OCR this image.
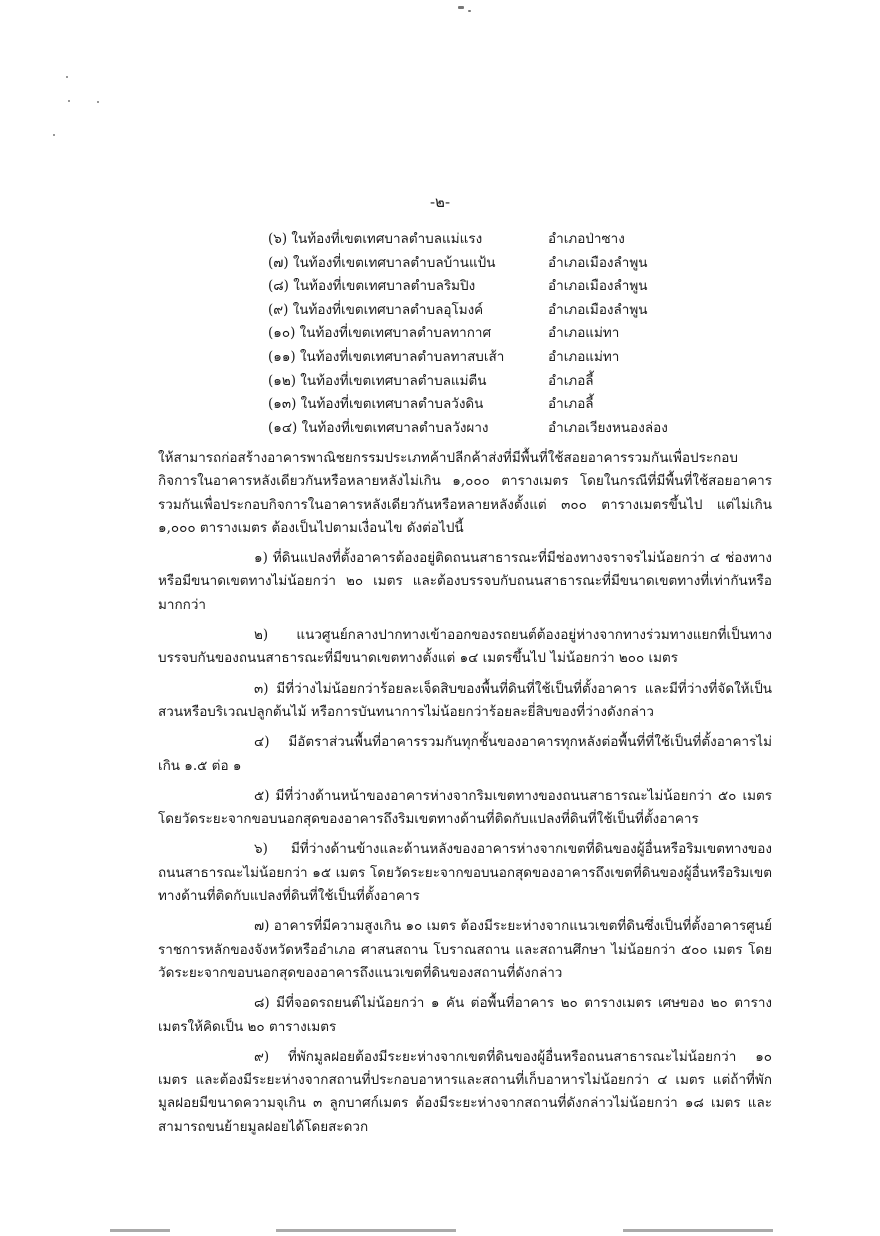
-๒-
(๖) ในท้องที่เขตเทศบาลตำบลแม่แรง	อำเภอป่าซาง
(๗) ในท้องที่เขตเทศบาลตำบลบ้านแป้น	อำเภอเมืองลำพูน
(๘) ในท้องที่เขตเทศบาลตำบลริมปิง	อำเภอเมืองลำพูน
(๙) ในท้องที่เขตเทศบาลตำบลอุโมงค์	อำเภอเมืองลำพูน
(๑๐) ในท้องที่เขตเทศบาลตำบลทากาศ	อำเภอแม่ทา
(๑๑) ในท้องที่เขตเทศบาลตำบลทาสบเส้า	อำเภอแม่ทา
(๑๒) ในท้องที่เขตเทศบาลตำบลแม่ตืน	อำเภอลี้
(๑๓) ในท้องที่เขตเทศบาลตำบลวังดิน	อำเภอลี้
(๑๔) ในท้องที่เขตเทศบาลตำบลวังผาง	อำเภอเวียงหนองล่อง

ให้สามารถก่อสร้างอาคารพาณิชยกรรมประเภทค้าปลีกค้าส่งที่มีพื้นที่ใช้สอยอาคารรวมกันเพื่อประกอบกิจการในอาคารหลังเดียวกันหรือหลายหลังไม่เกิน ๑,๐๐๐ ตารางเมตร โดยในกรณีที่มีพื้นที่ใช้สอยอาคารรวมกันเพื่อประกอบกิจการในอาคารหลังเดียวกันหรือหลายหลังตั้งแต่ ๓๐๐ ตารางเมตรขึ้นไป แต่ไม่เกิน ๑,๐๐๐ ตารางเมตร ต้องเป็นไปตามเงื่อนไข ดังต่อไปนี้

๑) ที่ดินแปลงที่ตั้งอาคารต้องอยู่ติดถนนสาธารณะที่มีช่องทางจราจรไม่น้อยกว่า ๔ ช่องทาง หรือมีขนาดเขตทางไม่น้อยกว่า ๒๐ เมตร และต้องบรรจบกับถนนสาธารณะที่มีขนาดเขตทางที่เท่ากันหรือมากกว่า

๒) แนวศูนย์กลางปากทางเข้าออกของรถยนต์ต้องอยู่ห่างจากทางร่วมทางแยกที่เป็นทางบรรจบกันของถนนสาธารณะที่มีขนาดเขตทางตั้งแต่ ๑๔ เมตรขึ้นไป ไม่น้อยกว่า ๒๐๐ เมตร

๓) มีที่ว่างไม่น้อยกว่าร้อยละเจ็ดสิบของพื้นที่ดินที่ใช้เป็นที่ตั้งอาคาร และมีที่ว่างที่จัดให้เป็นสวนหรือบริเวณปลูกต้นไม้ หรือการบันทนาการไม่น้อยกว่าร้อยละยี่สิบของที่ว่างดังกล่าว

๔) มีอัตราส่วนพื้นที่อาคารรวมกันทุกชั้นของอาคารทุกหลังต่อพื้นที่ที่ใช้เป็นที่ตั้งอาคารไม่เกิน ๑.๕ ต่อ ๑

๕) มีที่ว่างด้านหน้าของอาคารห่างจากริมเขตทางของถนนสาธารณะไม่น้อยกว่า ๕๐ เมตร โดยวัดระยะจากขอบนอกสุดของอาคารถึงริมเขตทางด้านที่ติดกับแปลงที่ดินที่ใช้เป็นที่ตั้งอาคาร

๖) มีที่ว่างด้านข้างและด้านหลังของอาคารห่างจากเขตที่ดินของผู้อื่นหรือริมเขตทางของถนนสาธารณะไม่น้อยกว่า ๑๕ เมตร โดยวัดระยะจากขอบนอกสุดของอาคารถึงเขตที่ดินของผู้อื่นหรือริมเขตทางด้านที่ติดกับแปลงที่ดินที่ใช้เป็นที่ตั้งอาคาร

๗) อาคารที่มีความสูงเกิน ๑๐ เมตร ต้องมีระยะห่างจากแนวเขตที่ดินซึ่งเป็นที่ตั้งอาคารศูนย์ราชการหลักของจังหวัดหรืออำเภอ ศาสนสถาน โบราณสถาน และสถานศึกษา ไม่น้อยกว่า ๕๐๐ เมตร โดยวัดระยะจากขอบนอกสุดของอาคารถึงแนวเขตที่ดินของสถานที่ดังกล่าว

๘) มีที่จอดรถยนต์ไม่น้อยกว่า ๑ คัน ต่อพื้นที่อาคาร ๒๐ ตารางเมตร เศษของ ๒๐ ตารางเมตรให้คิดเป็น ๒๐ ตารางเมตร

๙) ที่พักมูลฝอยต้องมีระยะห่างจากเขตที่ดินของผู้อื่นหรือถนนสาธารณะไม่น้อยกว่า ๑๐ เมตร และต้องมีระยะห่างจากสถานที่ประกอบอาหารและสถานที่เก็บอาหารไม่น้อยกว่า ๔ เมตร แต่ถ้าที่พักมูลฝอยมีขนาดความจุเกิน ๓ ลูกบาศก์เมตร ต้องมีระยะห่างจากสถานที่ดังกล่าวไม่น้อยกว่า ๑๘ เมตร และสามารถขนย้ายมูลฝอยได้โดยสะดวก
